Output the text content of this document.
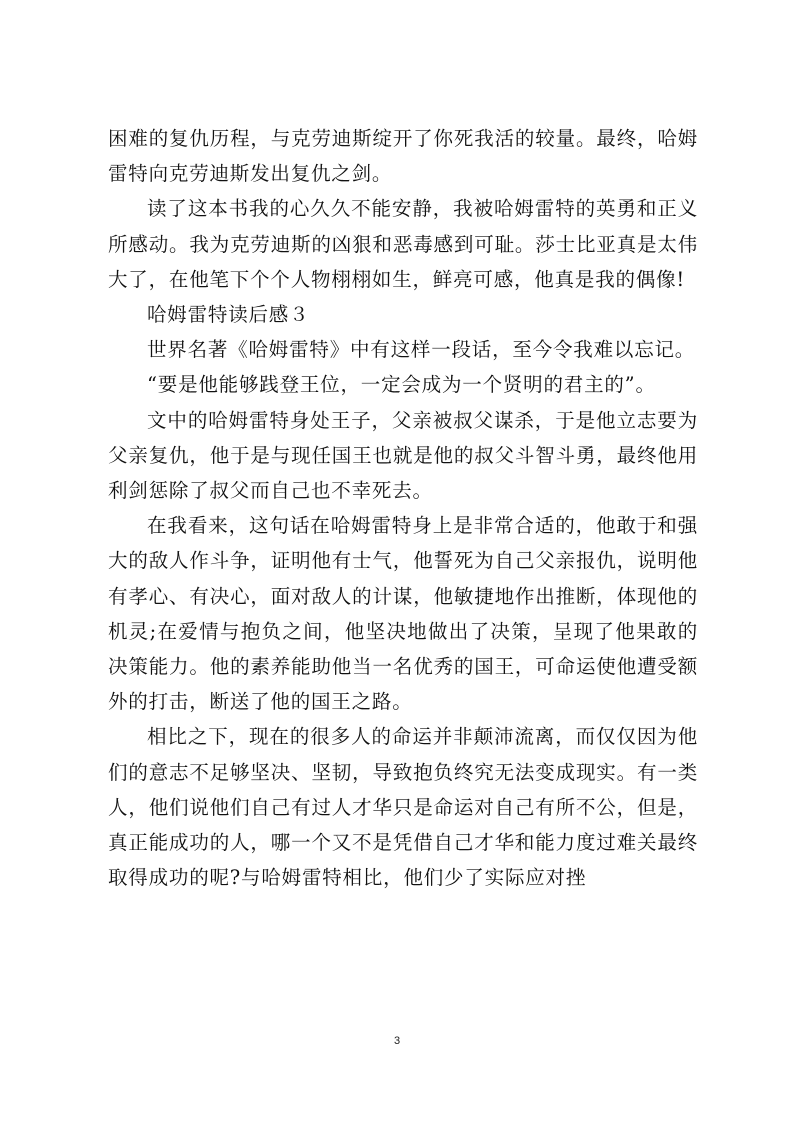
困难的复仇历程，与克劳迪斯绽开了你死我活的较量。最终，哈姆雷特向克劳迪斯发出复仇之剑。

读了这本书我的心久久不能安静，我被哈姆雷特的英勇和正义所感动。我为克劳迪斯的凶狠和恶毒感到可耻。莎士比亚真是太伟大了，在他笔下个个人物栩栩如生，鲜亮可感，他真是我的偶像!

哈姆雷特读后感３

世界名著《哈姆雷特》中有这样一段话，至今令我难以忘记。

“要是他能够践登王位，一定会成为一个贤明的君主的”。

文中的哈姆雷特身处王子，父亲被叔父谋杀，于是他立志要为父亲复仇，他于是与现任国王也就是他的叔父斗智斗勇，最终他用利剑惩除了叔父而自己也不幸死去。

在我看来，这句话在哈姆雷特身上是非常合适的，他敢于和强大的敌人作斗争，证明他有士气，他誓死为自己父亲报仇，说明他有孝心、有决心，面对敌人的计谋，他敏捷地作出推断，体现他的机灵;在爱情与抱负之间，他坚决地做出了决策，呈现了他果敢的决策能力。他的素养能助他当一名优秀的国王，可命运使他遭受额外的打击，断送了他的国王之路。

相比之下，现在的很多人的命运并非颠沛流离，而仅仅因为他们的意志不足够坚决、坚韧，导致抱负终究无法变成现实。有一类人，他们说他们自己有过人才华只是命运对自己有所不公，但是，真正能成功的人，哪一个又不是凭借自己才华和能力度过难关最终取得成功的呢?与哈姆雷特相比，他们少了实际应对挫

3
